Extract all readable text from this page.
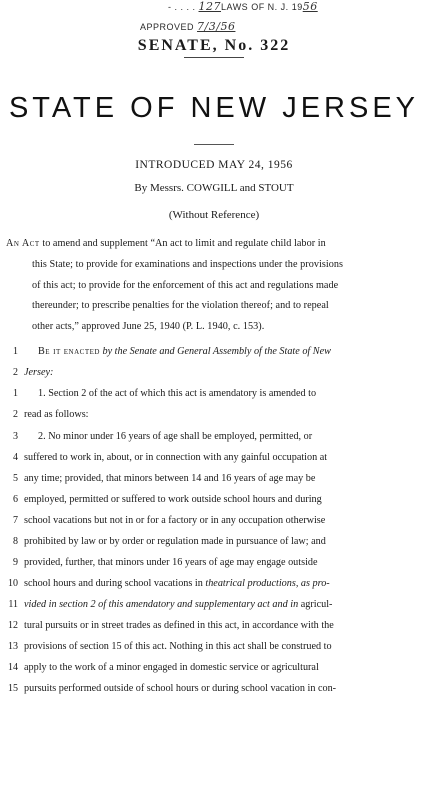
- . . . . 127LAWS OF N. J. 1956
APPROVED 7/3/56
SENATE, No. 322
STATE OF NEW JERSEY
INTRODUCED MAY 24, 1956
By Messrs. COWGILL and STOUT
(Without Reference)
An Act to amend and supplement “An act to limit and regulate child labor in
this State; to provide for examinations and inspections under the provisions
of this act; to provide for the enforcement of this act and regulations made
thereunder; to prescribe penalties for the violation thereof; and to repeal
other acts,” approved June 25, 1940 (P. L. 1940, c. 153).
1 Be it enacted by the Senate and General Assembly of the State of New
2 Jersey:
1 1. Section 2 of the act of which this act is amendatory is amended to
2 read as follows:
3 2. No minor under 16 years of age shall be employed, permitted, or
4 suffered to work in, about, or in connection with any gainful occupation at
5 any time; provided, that minors between 14 and 16 years of age may be
6 employed, permitted or suffered to work outside school hours and during
7 school vacations but not in or for a factory or in any occupation otherwise
8 prohibited by law or by order or regulation made in pursuance of law; and
9 provided, further, that minors under 16 years of age may engage outside
10 school hours and during school vacations in theatrical productions, as pro-
11 vided in section 2 of this amendatory and supplementary act and in agricul-
12 tural pursuits or in street trades as defined in this act, in accordance with the
13 provisions of section 15 of this act. Nothing in this act shall be construed to
14 apply to the work of a minor engaged in domestic service or agricultural
15 pursuits performed outside of school hours or during school vacation in con-
